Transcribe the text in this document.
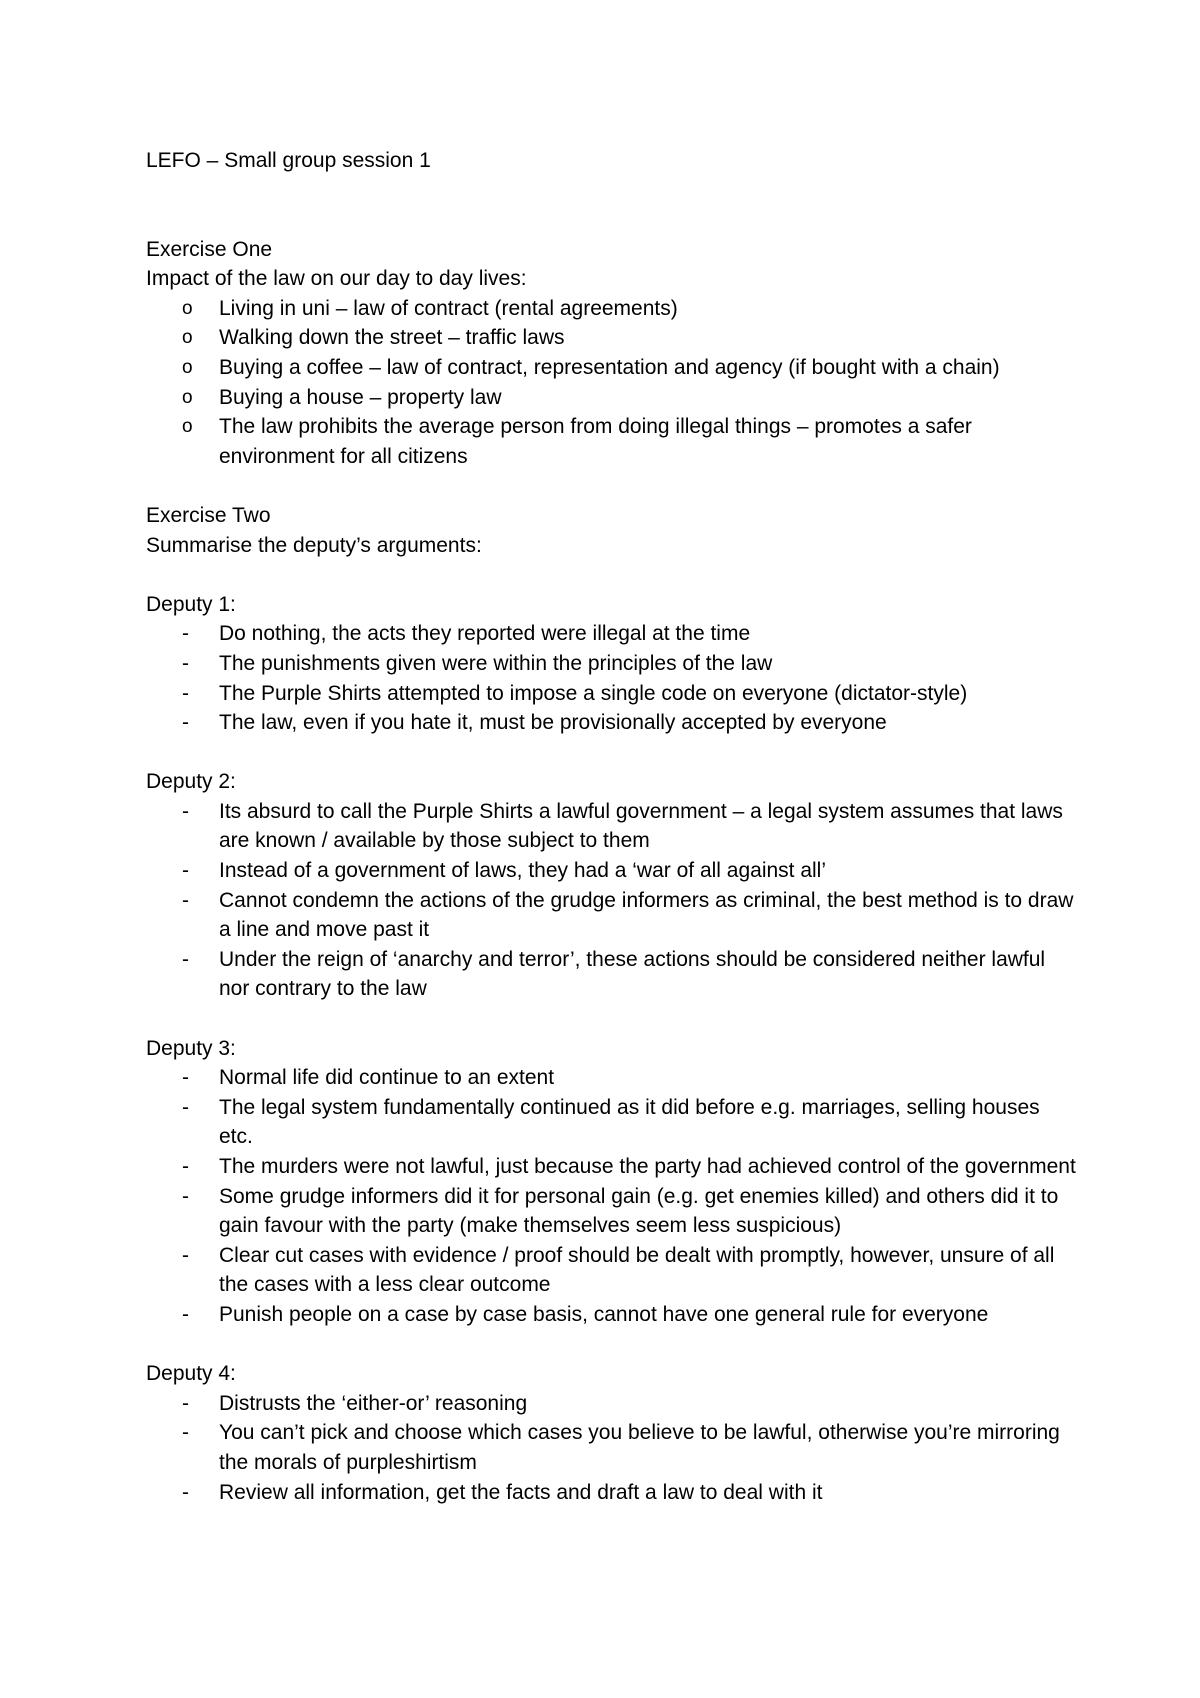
LEFO – Small group session 1

Exercise One

Impact of the law on our day to day lives:

o	Living in uni – law of contract (rental agreements)
o	Walking down the street – traffic laws
o	Buying a coffee – law of contract, representation and agency (if bought with a chain)
o	Buying a house – property law
o	The law prohibits the average person from doing illegal things – promotes a safer environment for all citizens

Exercise Two

Summarise the deputy’s arguments:

Deputy 1:

-	Do nothing, the acts they reported were illegal at the time
-	The punishments given were within the principles of the law
-	The Purple Shirts attempted to impose a single code on everyone (dictator-style)
-	The law, even if you hate it, must be provisionally accepted by everyone

Deputy 2:

-	Its absurd to call the Purple Shirts a lawful government – a legal system assumes that laws are known / available by those subject to them
-	Instead of a government of laws, they had a ‘war of all against all’
-	Cannot condemn the actions of the grudge informers as criminal, the best method is to draw a line and move past it
-	Under the reign of ‘anarchy and terror’, these actions should be considered neither lawful nor contrary to the law

Deputy 3:

-	Normal life did continue to an extent
-	The legal system fundamentally continued as it did before e.g. marriages, selling houses etc.
-	The murders were not lawful, just because the party had achieved control of the government
-	Some grudge informers did it for personal gain (e.g. get enemies killed) and others did it to gain favour with the party (make themselves seem less suspicious)
-	Clear cut cases with evidence / proof should be dealt with promptly, however, unsure of all the cases with a less clear outcome
-	Punish people on a case by case basis, cannot have one general rule for everyone

Deputy 4:

-	Distrusts the ‘either-or’ reasoning
-	You can’t pick and choose which cases you believe to be lawful, otherwise you’re mirroring the morals of purpleshirtism
-	Review all information, get the facts and draft a law to deal with it
